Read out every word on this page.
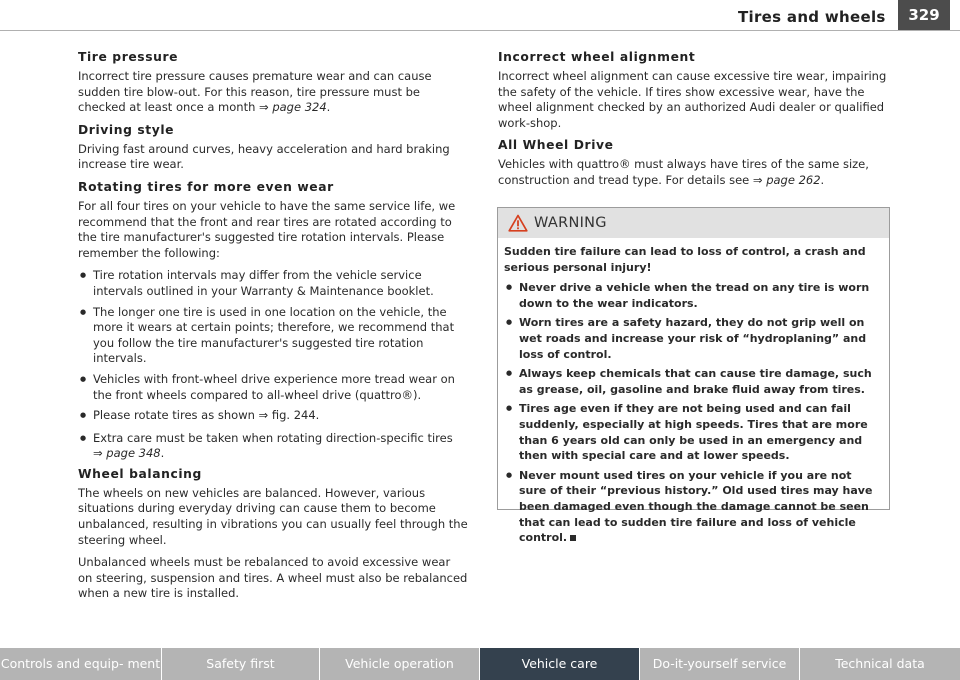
Tires and wheels	329
Tire pressure
Incorrect tire pressure causes premature wear and can cause sudden tire blow-out. For this reason, tire pressure must be checked at least once a month ⇒ page 324.
Driving style
Driving fast around curves, heavy acceleration and hard braking increase tire wear.
Rotating tires for more even wear
For all four tires on your vehicle to have the same service life, we recommend that the front and rear tires are rotated according to the tire manufacturer's suggested tire rotation intervals. Please remember the following:
●
Tire rotation intervals may differ from the vehicle service intervals outlined in your Warranty & Maintenance booklet.
●
The longer one tire is used in one location on the vehicle, the more it wears at certain points; therefore, we recommend that you follow the tire manufacturer's suggested tire rotation intervals.
●
Vehicles with front-wheel drive experience more tread wear on the front wheels compared to all-wheel drive (quattro®).
●
Please rotate tires as shown ⇒ fig. 244.
●
Extra care must be taken when rotating direction-specific tires
⇒ page 348.
Wheel balancing
The wheels on new vehicles are balanced. However, various situations during everyday driving can cause them to become unbalanced, resulting in vibrations you can usually feel through the steering wheel.
Unbalanced wheels must be rebalanced to avoid excessive wear on steering, suspension and tires. A wheel must also be rebalanced when a new tire is installed.
Incorrect wheel alignment
Incorrect wheel alignment can cause excessive tire wear, impairing the safety of the vehicle. If tires show excessive wear, have the wheel alignment checked by an authorized Audi dealer or qualified work-shop.
All Wheel Drive
Vehicles with quattro® must always have tires of the same size, construction and tread type. For details see ⇒ page 262.
WARNING
Sudden tire failure can lead to loss of control, a crash and serious personal injury!
●
Never drive a vehicle when the tread on any tire is worn down to the wear indicators.
●
Worn tires are a safety hazard, they do not grip well on wet roads and increase your risk of “hydroplaning” and loss of control.
●
Always keep chemicals that can cause tire damage, such as grease, oil, gasoline and brake fluid away from tires.
●
Tires age even if they are not being used and can fail suddenly, especially at high speeds. Tires that are more than 6 years old can only be used in an emergency and then with special care and at lower speeds.
●
Never mount used tires on your vehicle if you are not sure of their “previous history.” Old used tires may have been damaged even though the damage cannot be seen that can lead to sudden tire failure and loss of vehicle control.
Controls and equip- ment	Safety first	Vehicle operation	Vehicle care	Do-it-yourself service	Technical data
